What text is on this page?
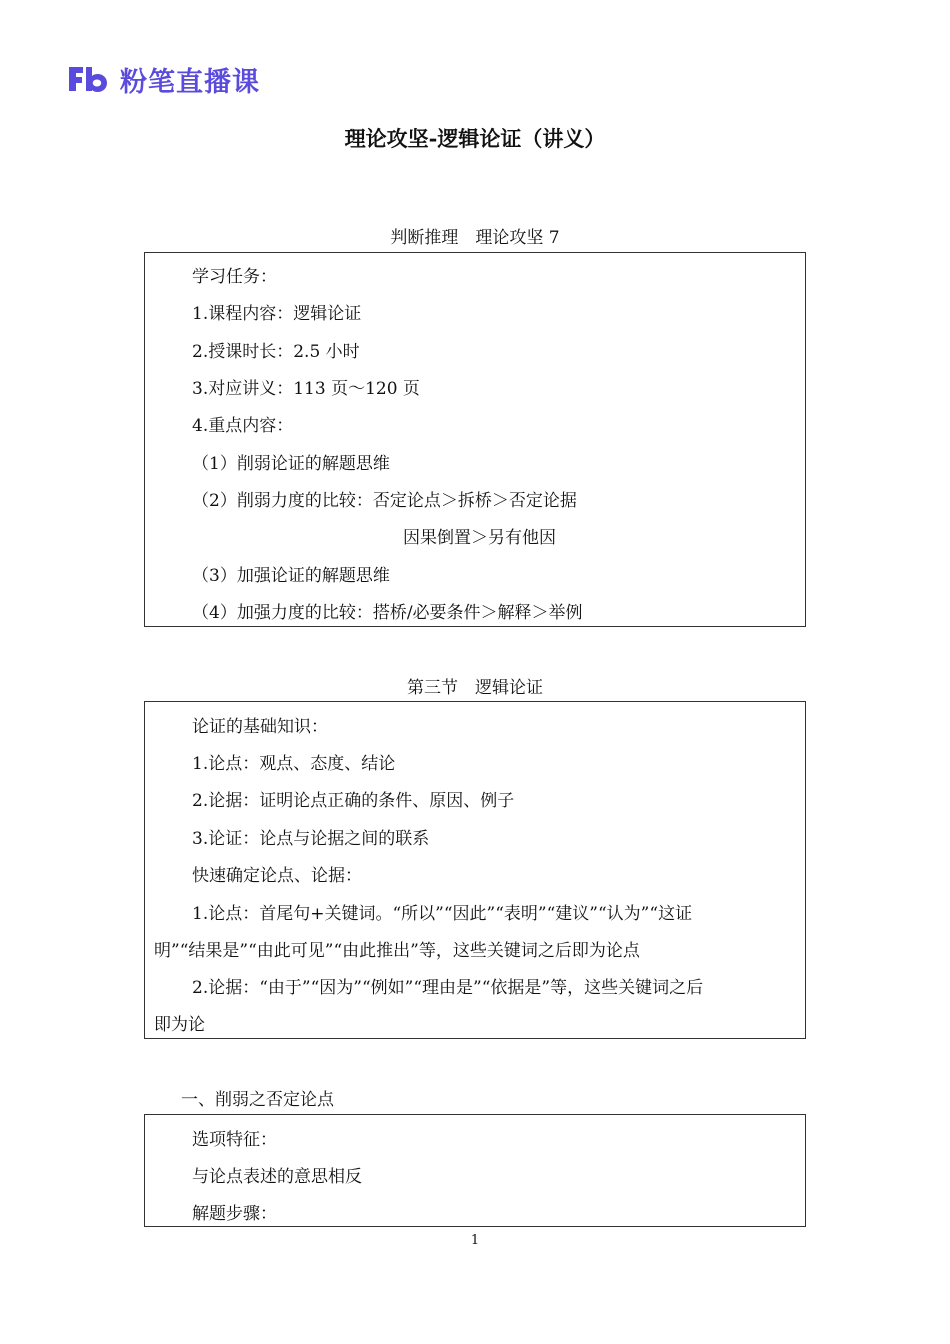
粉笔直播课
理论攻坚-逻辑论证（讲义）
判断推理　理论攻坚 7
学习任务：
1.课程内容：逻辑论证
2.授课时长：2.5 小时
3.对应讲义：113 页～120 页
4.重点内容：
（1）削弱论证的解题思维
（2）削弱力度的比较：否定论点＞拆桥＞否定论据
因果倒置＞另有他因
（3）加强论证的解题思维
（4）加强力度的比较：搭桥/必要条件＞解释＞举例
第三节　逻辑论证
论证的基础知识：
1.论点：观点、态度、结论
2.论据：证明论点正确的条件、原因、例子
3.论证：论点与论据之间的联系
快速确定论点、论据：
1.论点：首尾句+关键词。“所以”“因此”“表明”“建议”“认为”“这证
明”“结果是”“由此可见”“由此推出”等，这些关键词之后即为论点
2.论据：“由于”“因为”“例如”“理由是”“依据是”等，这些关键词之后
即为论
一、削弱之否定论点
选项特征：
与论点表述的意思相反
解题步骤：
1
